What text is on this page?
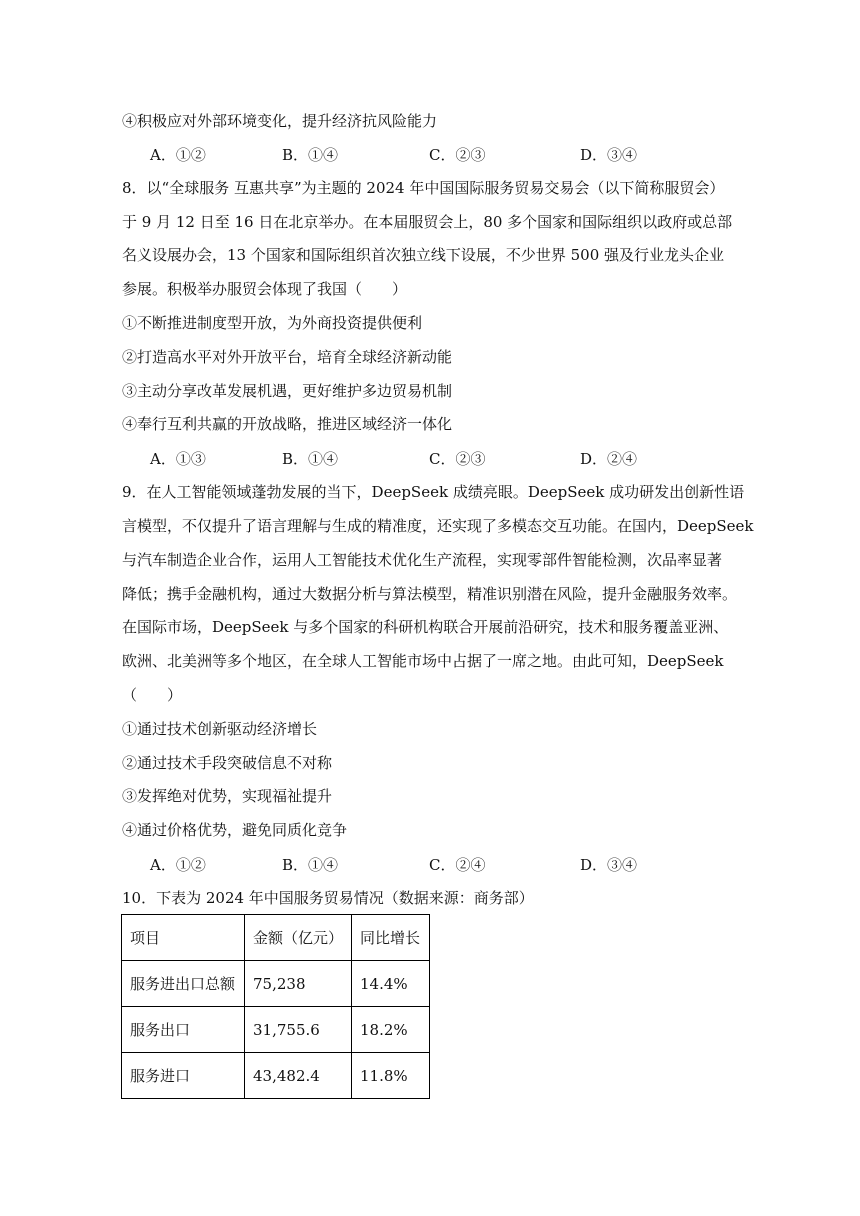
④积极应对外部环境变化，提升经济抗风险能力
A．①②	B．①④	C．②③	D．③④
8．以“全球服务 互惠共享”为主题的 2024 年中国国际服务贸易交易会（以下简称服贸会）
于 9 月 12 日至 16 日在北京举办。在本届服贸会上，80 多个国家和国际组织以政府或总部
名义设展办会，13 个国家和国际组织首次独立线下设展，不少世界 500 强及行业龙头企业
参展。积极举办服贸会体现了我国（　　）
①不断推进制度型开放，为外商投资提供便利
②打造高水平对外开放平台，培育全球经济新动能
③主动分享改革发展机遇，更好维护多边贸易机制
④奉行互利共赢的开放战略，推进区域经济一体化
A．①③	B．①④	C．②③	D．②④
9．在人工智能领域蓬勃发展的当下，DeepSeek 成绩亮眼。DeepSeek 成功研发出创新性语
言模型，不仅提升了语言理解与生成的精准度，还实现了多模态交互功能。在国内，DeepSeek
与汽车制造企业合作，运用人工智能技术优化生产流程，实现零部件智能检测，次品率显著
降低；携手金融机构，通过大数据分析与算法模型，精准识别潜在风险，提升金融服务效率。
在国际市场，DeepSeek 与多个国家的科研机构联合开展前沿研究，技术和服务覆盖亚洲、
欧洲、北美洲等多个地区，在全球人工智能市场中占据了一席之地。由此可知，DeepSeek
（　　）
①通过技术创新驱动经济增长
②通过技术手段突破信息不对称
③发挥绝对优势，实现福祉提升
④通过价格优势，避免同质化竞争
A．①②	B．①④	C．②④	D．③④
10．下表为 2024 年中国服务贸易情况（数据来源：商务部）
项目	金额（亿元）	同比增长
服务进出口总额	75,238	14.4%
服务出口	31,755.6	18.2%
服务进口	43,482.4	11.8%
